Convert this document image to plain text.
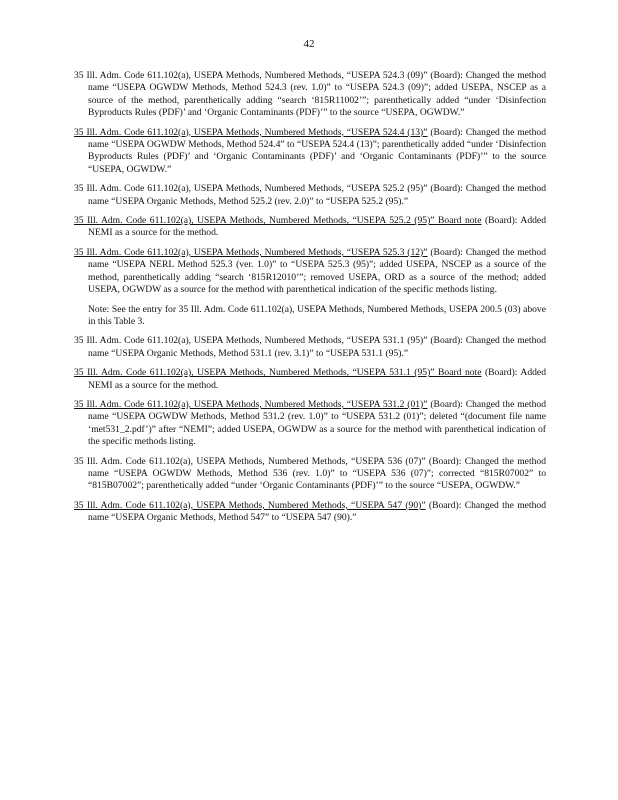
42

35 Ill. Adm. Code 611.102(a), USEPA Methods, Numbered Methods, “USEPA 524.3 (09)” (Board): Changed the method name “USEPA OGWDW Methods, Method 524.3 (rev. 1.0)” to “USEPA 524.3 (09)”; added USEPA, NSCEP as a source of the method, parenthetically adding “search ‘815R11002’”; parenthetically added “under ‘Disinfection Byproducts Rules (PDF)’ and ‘Organic Contaminants (PDF)’” to the source “USEPA, OGWDW.”

35 Ill. Adm. Code 611.102(a), USEPA Methods, Numbered Methods, “USEPA 524.4 (13)” (Board): Changed the method name “USEPA OGWDW Methods, Method 524.4” to “USEPA 524.4 (13)”; parenthetically added “under ‘Disinfection Byproducts Rules (PDF)’ and ‘Organic Contaminants (PDF)’ and ‘Organic Contaminants (PDF)’” to the source “USEPA, OGWDW.”

35 Ill. Adm. Code 611.102(a), USEPA Methods, Numbered Methods, “USEPA 525.2 (95)” (Board): Changed the method name “USEPA Organic Methods, Method 525.2 (rev. 2.0)” to “USEPA 525.2 (95).”

35 Ill. Adm. Code 611.102(a), USEPA Methods, Numbered Methods, “USEPA 525.2 (95)” Board note (Board): Added NEMI as a source for the method.

35 Ill. Adm. Code 611.102(a), USEPA Methods, Numbered Methods, “USEPA 525.3 (12)” (Board): Changed the method name “USEPA NERL Method 525.3 (ver. 1.0)” to “USEPA 525.3 (95)”; added USEPA, NSCEP as a source of the method, parenthetically adding “search ‘815R12010’”; removed USEPA, ORD as a source of the method; added USEPA, OGWDW as a source for the method with parenthetical indication of the specific methods listing.

Note: See the entry for 35 Ill. Adm. Code 611.102(a), USEPA Methods, Numbered Methods, USEPA 200.5 (03) above in this Table 3.

35 Ill. Adm. Code 611.102(a), USEPA Methods, Numbered Methods, “USEPA 531.1 (95)” (Board): Changed the method name “USEPA Organic Methods, Method 531.1 (rev. 3.1)” to “USEPA 531.1 (95).”

35 Ill. Adm. Code 611.102(a), USEPA Methods, Numbered Methods, “USEPA 531.1 (95)” Board note (Board): Added NEMI as a source for the method.

35 Ill. Adm. Code 611.102(a), USEPA Methods, Numbered Methods, “USEPA 531.2 (01)” (Board): Changed the method name “USEPA OGWDW Methods, Method 531.2 (rev. 1.0)” to “USEPA 531.2 (01)”; deleted “(document file name ‘met531_2.pdf’)” after “NEMI”; added USEPA, OGWDW as a source for the method with parenthetical indication of the specific methods listing.

35 Ill. Adm. Code 611.102(a), USEPA Methods, Numbered Methods, “USEPA 536 (07)” (Board): Changed the method name “USEPA OGWDW Methods, Method 536 (rev. 1.0)” to “USEPA 536 (07)”; corrected “815R07002” to “815B07002”; parenthetically added “under ‘Organic Contaminants (PDF)’” to the source “USEPA, OGWDW.”

35 Ill. Adm. Code 611.102(a), USEPA Methods, Numbered Methods, “USEPA 547 (90)” (Board): Changed the method name “USEPA Organic Methods, Method 547” to “USEPA 547 (90).”
